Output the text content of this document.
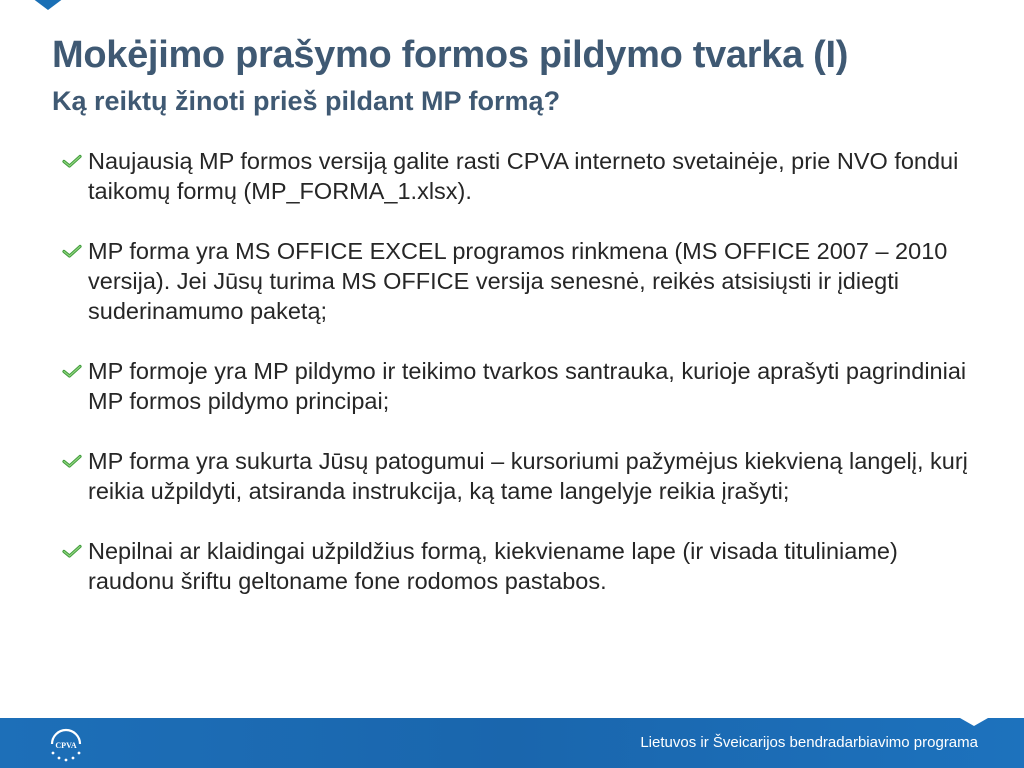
Mokėjimo prašymo formos pildymo tvarka (I)
Ką reiktų žinoti prieš pildant MP formą?
Naujausią MP formos versiją galite rasti CPVA interneto svetainėje, prie NVO fondui taikomų formų (MP_FORMA_1.xlsx).
MP forma yra MS OFFICE EXCEL programos rinkmena (MS OFFICE 2007 – 2010 versija). Jei Jūsų turima MS OFFICE versija senesnė, reikės atsisiųsti ir įdiegti suderinamumo paketą;
MP formoje yra MP pildymo ir teikimo tvarkos santrauka, kurioje aprašyti pagrindiniai MP formos pildymo principai;
MP forma yra sukurta Jūsų patogumui – kursoriumi pažymėjus kiekvieną langelį, kurį reikia užpildyti, atsiranda instrukcija, ką tame langelyje reikia įrašyti;
Nepilnai ar klaidingai užpildžius formą, kiekviename lape (ir visada tituliniame) raudonu šriftu geltoname fone rodomos pastabos.
CPVA	Lietuvos ir Šveicarijos bendradarbiavimo programa
